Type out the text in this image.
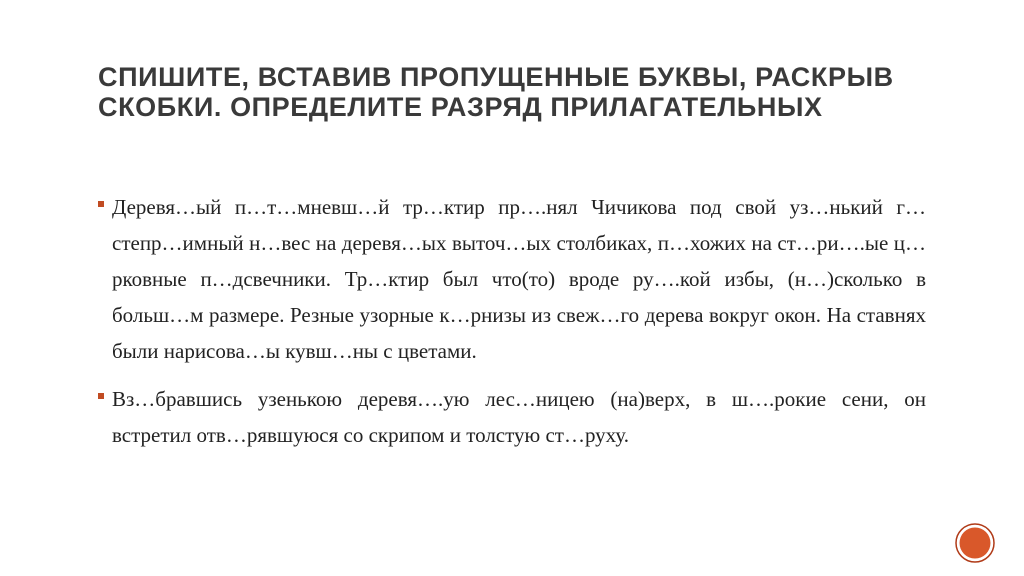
СПИШИТЕ, ВСТАВИВ ПРОПУЩЕННЫЕ БУКВЫ, РАСКРЫВ СКОБКИ. ОПРЕДЕЛИТЕ РАЗРЯД ПРИЛАГАТЕЛЬНЫХ
Деревя…ый п…т…мневш…й тр…ктир пр….нял Чичикова под свой уз…нький г…степр…имный н…вес на деревя…ых выточ…ых столбиках, п…хожих на ст…ри….ые ц…рковные п…дсвечники. Тр…ктир был что(то) вроде ру….кой избы, (н…)сколько в больш…м размере. Резные узорные к…рнизы из свеж…го дерева вокруг окон. На ставнях были нарисова…ы кувш…ны с цветами.
Вз…бравшись узенькою деревя….ую лес…ницею (на)верх, в ш….рокие сени, он встретил отв…рявшуюся со скрипом и толстую ст…руху.
